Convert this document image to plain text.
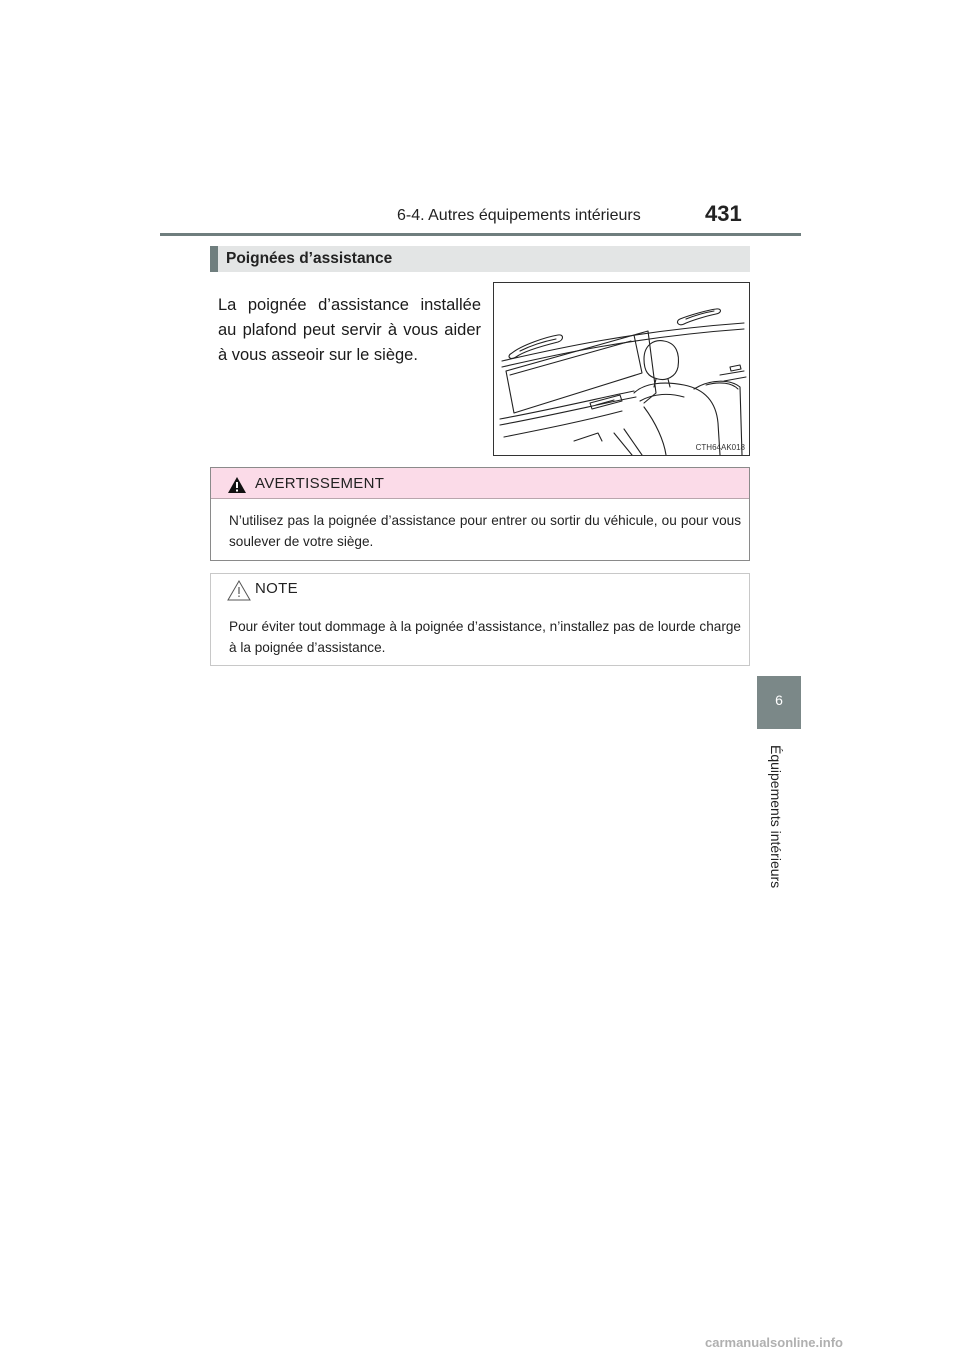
6-4. Autres équipements intérieurs	431
6
Équipements intérieurs
Poignées d’assistance
La poignée d’assistance installée au plafond peut servir à vous aider à vous asseoir sur le siège.
CTH64AK018
AVERTISSEMENT
N’utilisez pas la poignée d’assistance pour entrer ou sortir du véhicule, ou pour vous soulever de votre siège.
NOTE
Pour éviter tout dommage à la poignée d’assistance, n’installez pas de lourde charge à la poignée d’assistance.
carmanualsonline.info
